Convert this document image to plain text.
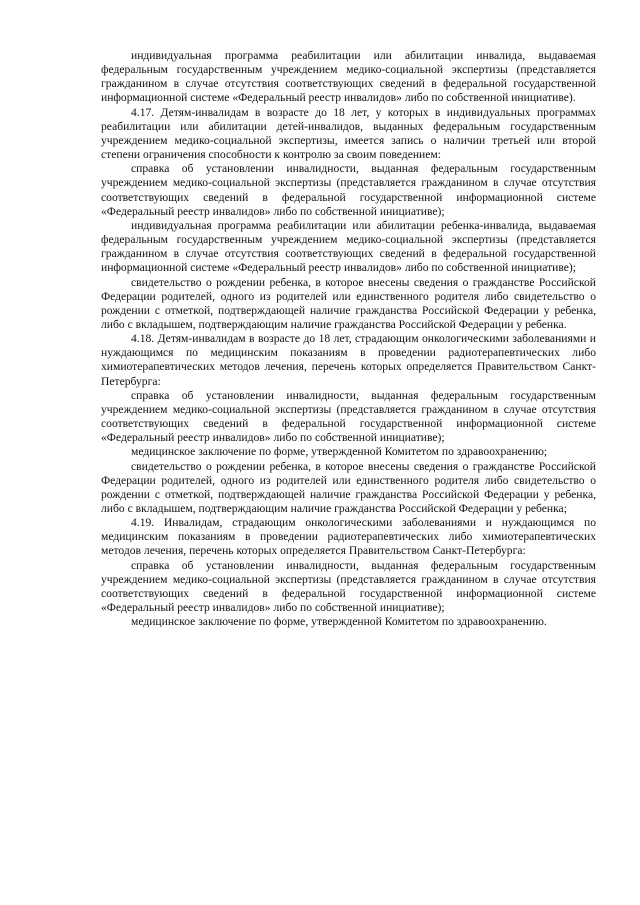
индивидуальная программа реабилитации или абилитации инвалида, выдаваемая федеральным государственным учреждением медико-социальной экспертизы (представляется гражданином в случае отсутствия соответствующих сведений в федеральной государственной информационной системе «Федеральный реестр инвалидов» либо по собственной инициативе).

4.17. Детям-инвалидам в возрасте до 18 лет, у которых в индивидуальных программах реабилитации или абилитации детей-инвалидов, выданных федеральным государственным учреждением медико-социальной экспертизы, имеется запись о наличии третьей или второй степени ограничения способности к контролю за своим поведением:

справка об установлении инвалидности, выданная федеральным государственным учреждением медико-социальной экспертизы (представляется гражданином в случае отсутствия соответствующих сведений в федеральной государственной информационной системе «Федеральный реестр инвалидов» либо по собственной инициативе);

индивидуальная программа реабилитации или абилитации ребенка-инвалида, выдаваемая федеральным государственным учреждением медико-социальной экспертизы (представляется гражданином в случае отсутствия соответствующих сведений в федеральной государственной информационной системе «Федеральный реестр инвалидов» либо по собственной инициативе);

свидетельство о рождении ребенка, в которое внесены сведения о гражданстве Российской Федерации родителей, одного из родителей или единственного родителя либо свидетельство о рождении с отметкой, подтверждающей наличие гражданства Российской Федерации у ребенка, либо с вкладышем, подтверждающим наличие гражданства Российской Федерации у ребенка.

4.18. Детям-инвалидам в возрасте до 18 лет, страдающим онкологическими заболеваниями и нуждающимся по медицинским показаниям в проведении радиотерапевтических либо химиотерапевтических методов лечения, перечень которых определяется Правительством Санкт-Петербурга:

справка об установлении инвалидности, выданная федеральным государственным учреждением медико-социальной экспертизы (представляется гражданином в случае отсутствия соответствующих сведений в федеральной государственной информационной системе «Федеральный реестр инвалидов» либо по собственной инициативе);

медицинское заключение по форме, утвержденной Комитетом по здравоохранению;

свидетельство о рождении ребенка, в которое внесены сведения о гражданстве Российской Федерации родителей, одного из родителей или единственного родителя либо свидетельство о рождении с отметкой, подтверждающей наличие гражданства Российской Федерации у ребенка, либо с вкладышем, подтверждающим наличие гражданства Российской Федерации у ребенка;

4.19. Инвалидам, страдающим онкологическими заболеваниями и нуждающимся по медицинским показаниям в проведении радиотерапевтических либо химиотерапевтических методов лечения, перечень которых определяется Правительством Санкт-Петербурга:

справка об установлении инвалидности, выданная федеральным государственным учреждением медико-социальной экспертизы (представляется гражданином в случае отсутствия соответствующих сведений в федеральной государственной информационной системе «Федеральный реестр инвалидов» либо по собственной инициативе);

медицинское заключение по форме, утвержденной Комитетом по здравоохранению.
